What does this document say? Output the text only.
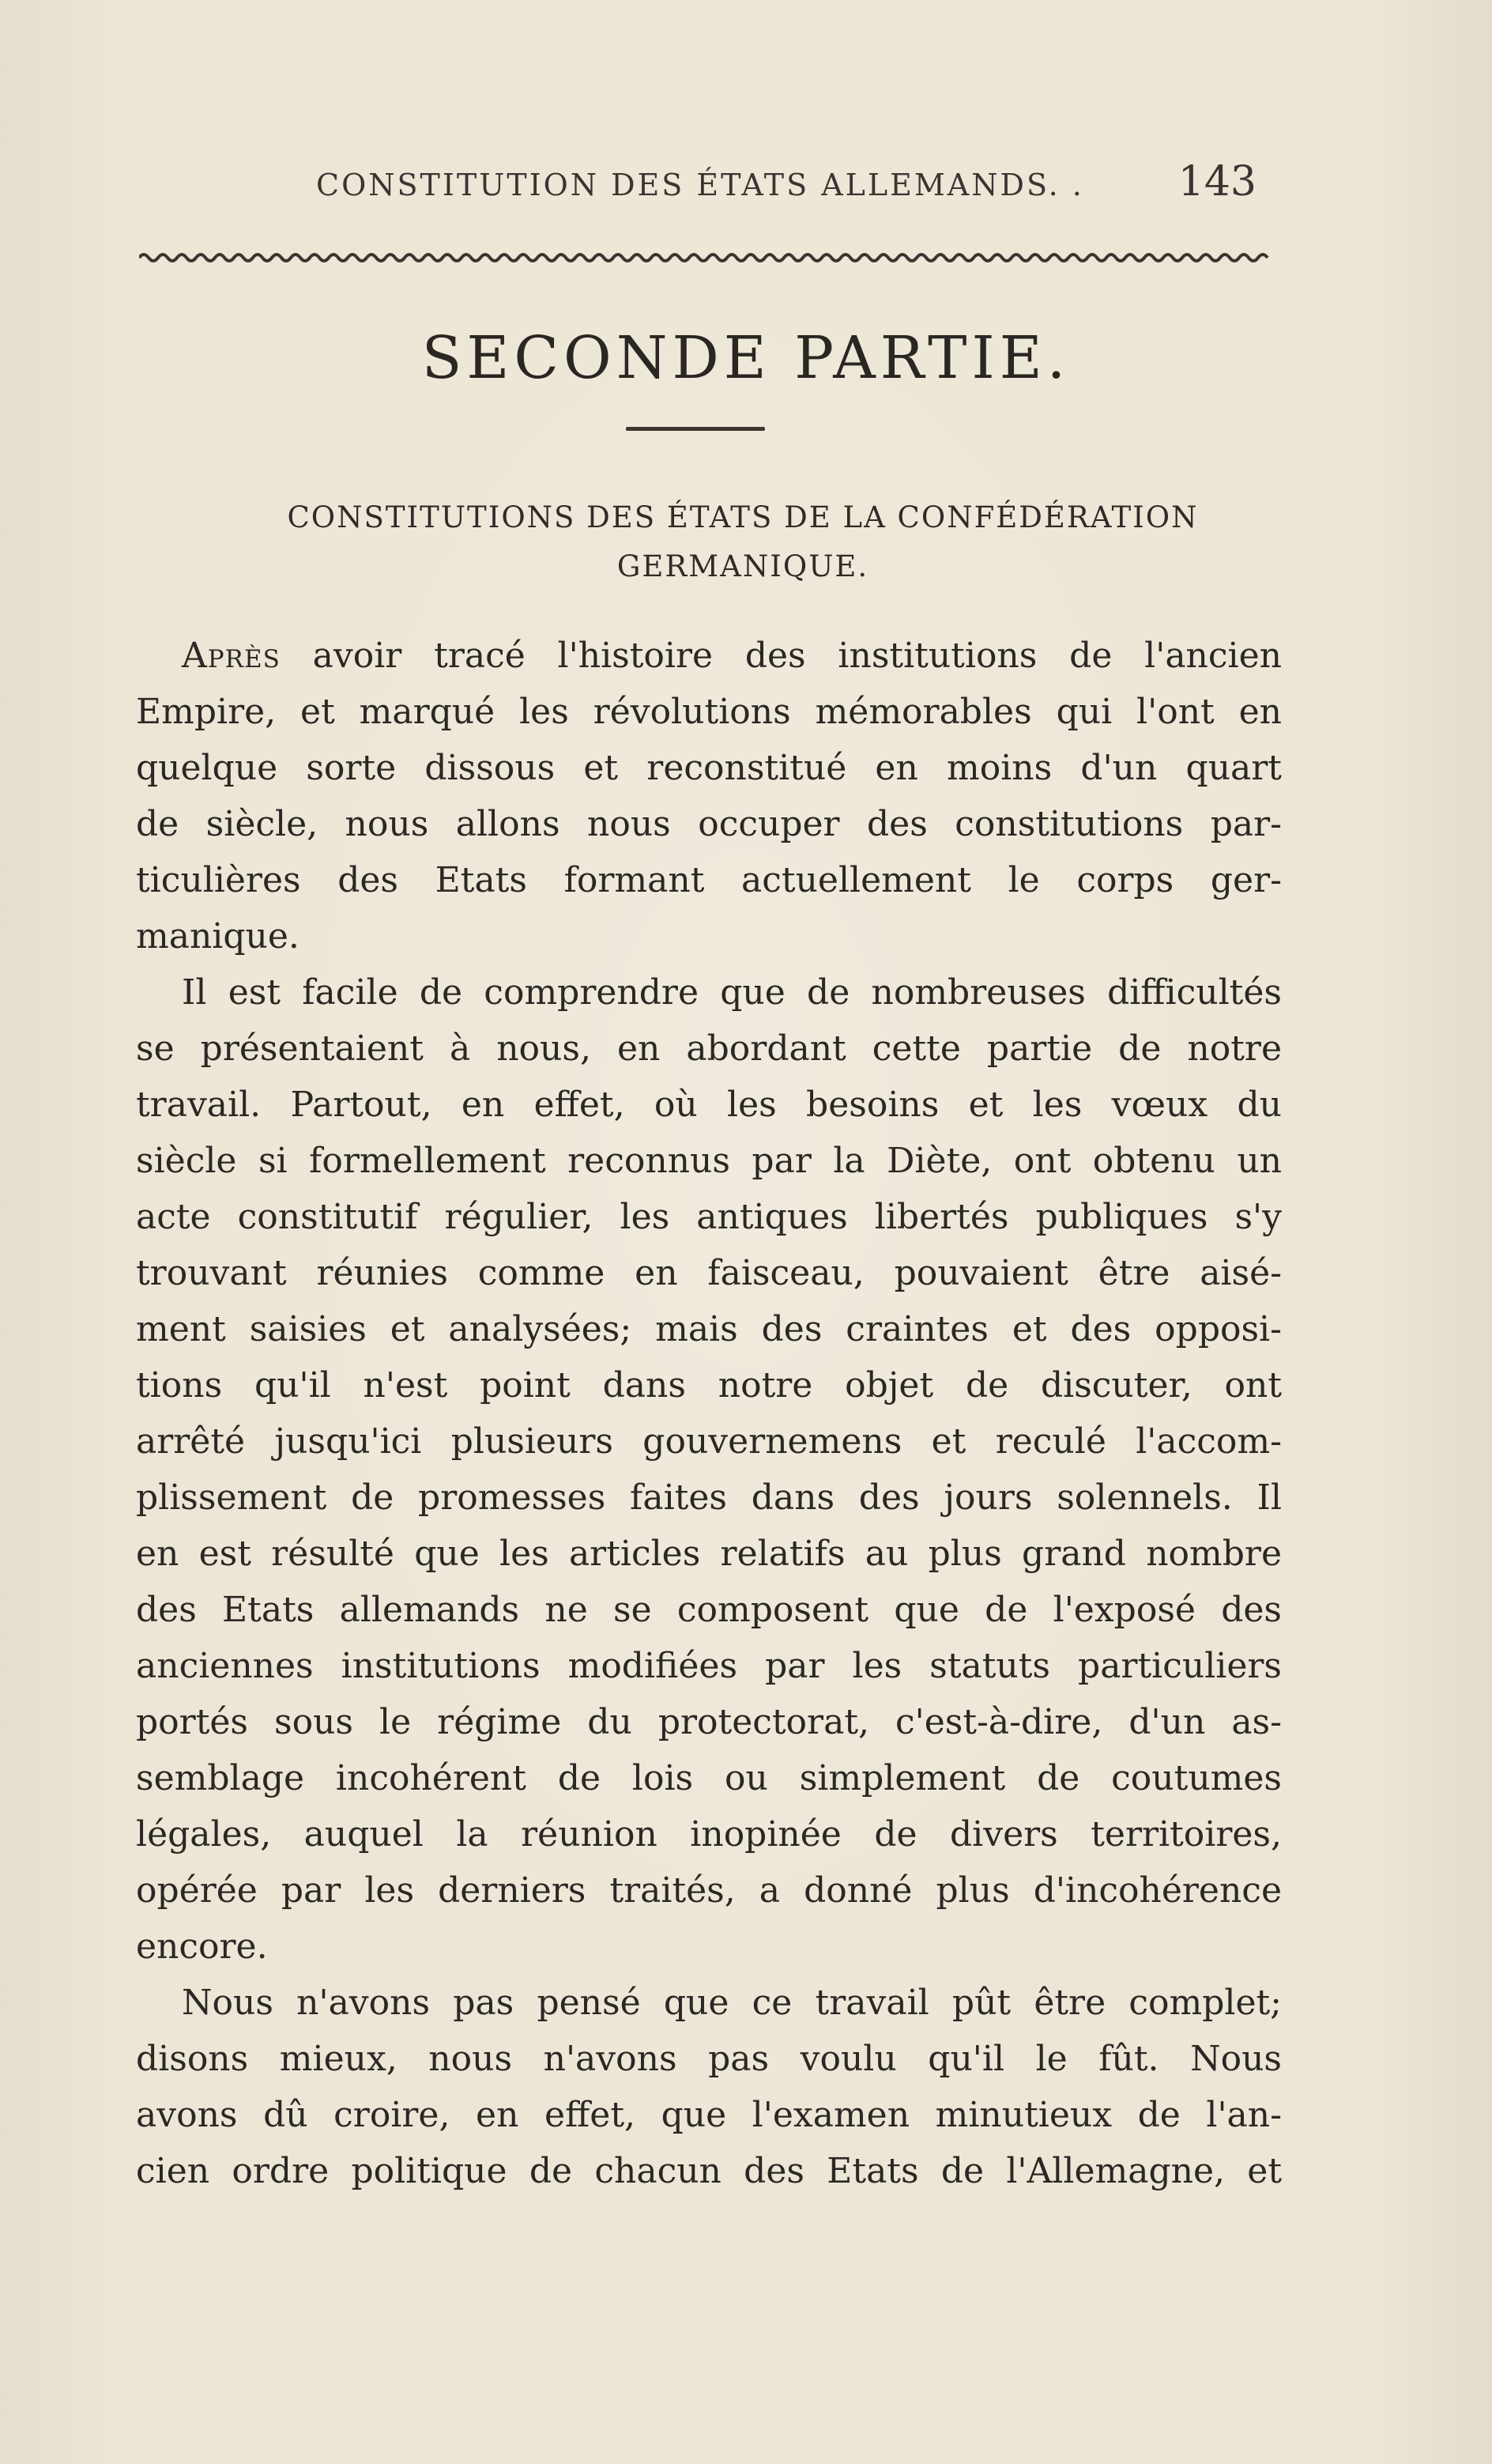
CONSTITUTION DES ÉTATS ALLEMANDS. . 143
SECONDE PARTIE.
CONSTITUTIONS DES ÉTATS DE LA CONFÉDÉRATION GERMANIQUE.
Après avoir tracé l'histoire des institutions de l'ancien
Empire, et marqué les révolutions mémorables qui l'ont en
quelque sorte dissous et reconstitué en moins d'un quart
de siècle, nous allons nous occuper des constitutions par-
ticulières des Etats formant actuellement le corps ger-
manique.
Il est facile de comprendre que de nombreuses difficultés
se présentaient à nous, en abordant cette partie de notre
travail. Partout, en effet, où les besoins et les vœux du
siècle si formellement reconnus par la Diète, ont obtenu un
acte constitutif régulier, les antiques libertés publiques s'y
trouvant réunies comme en faisceau, pouvaient être aisé-
ment saisies et analysées; mais des craintes et des opposi-
tions qu'il n'est point dans notre objet de discuter, ont
arrêté jusqu'ici plusieurs gouvernemens et reculé l'accom-
plissement de promesses faites dans des jours solennels. Il
en est résulté que les articles relatifs au plus grand nombre
des Etats allemands ne se composent que de l'exposé des
anciennes institutions modifiées par les statuts particuliers
portés sous le régime du protectorat, c'est-à-dire, d'un as-
semblage incohérent de lois ou simplement de coutumes
légales, auquel la réunion inopinée de divers territoires,
opérée par les derniers traités, a donné plus d'incohérence
encore.
Nous n'avons pas pensé que ce travail pût être complet;
disons mieux, nous n'avons pas voulu qu'il le fût. Nous
avons dû croire, en effet, que l'examen minutieux de l'an-
cien ordre politique de chacun des Etats de l'Allemagne, et
